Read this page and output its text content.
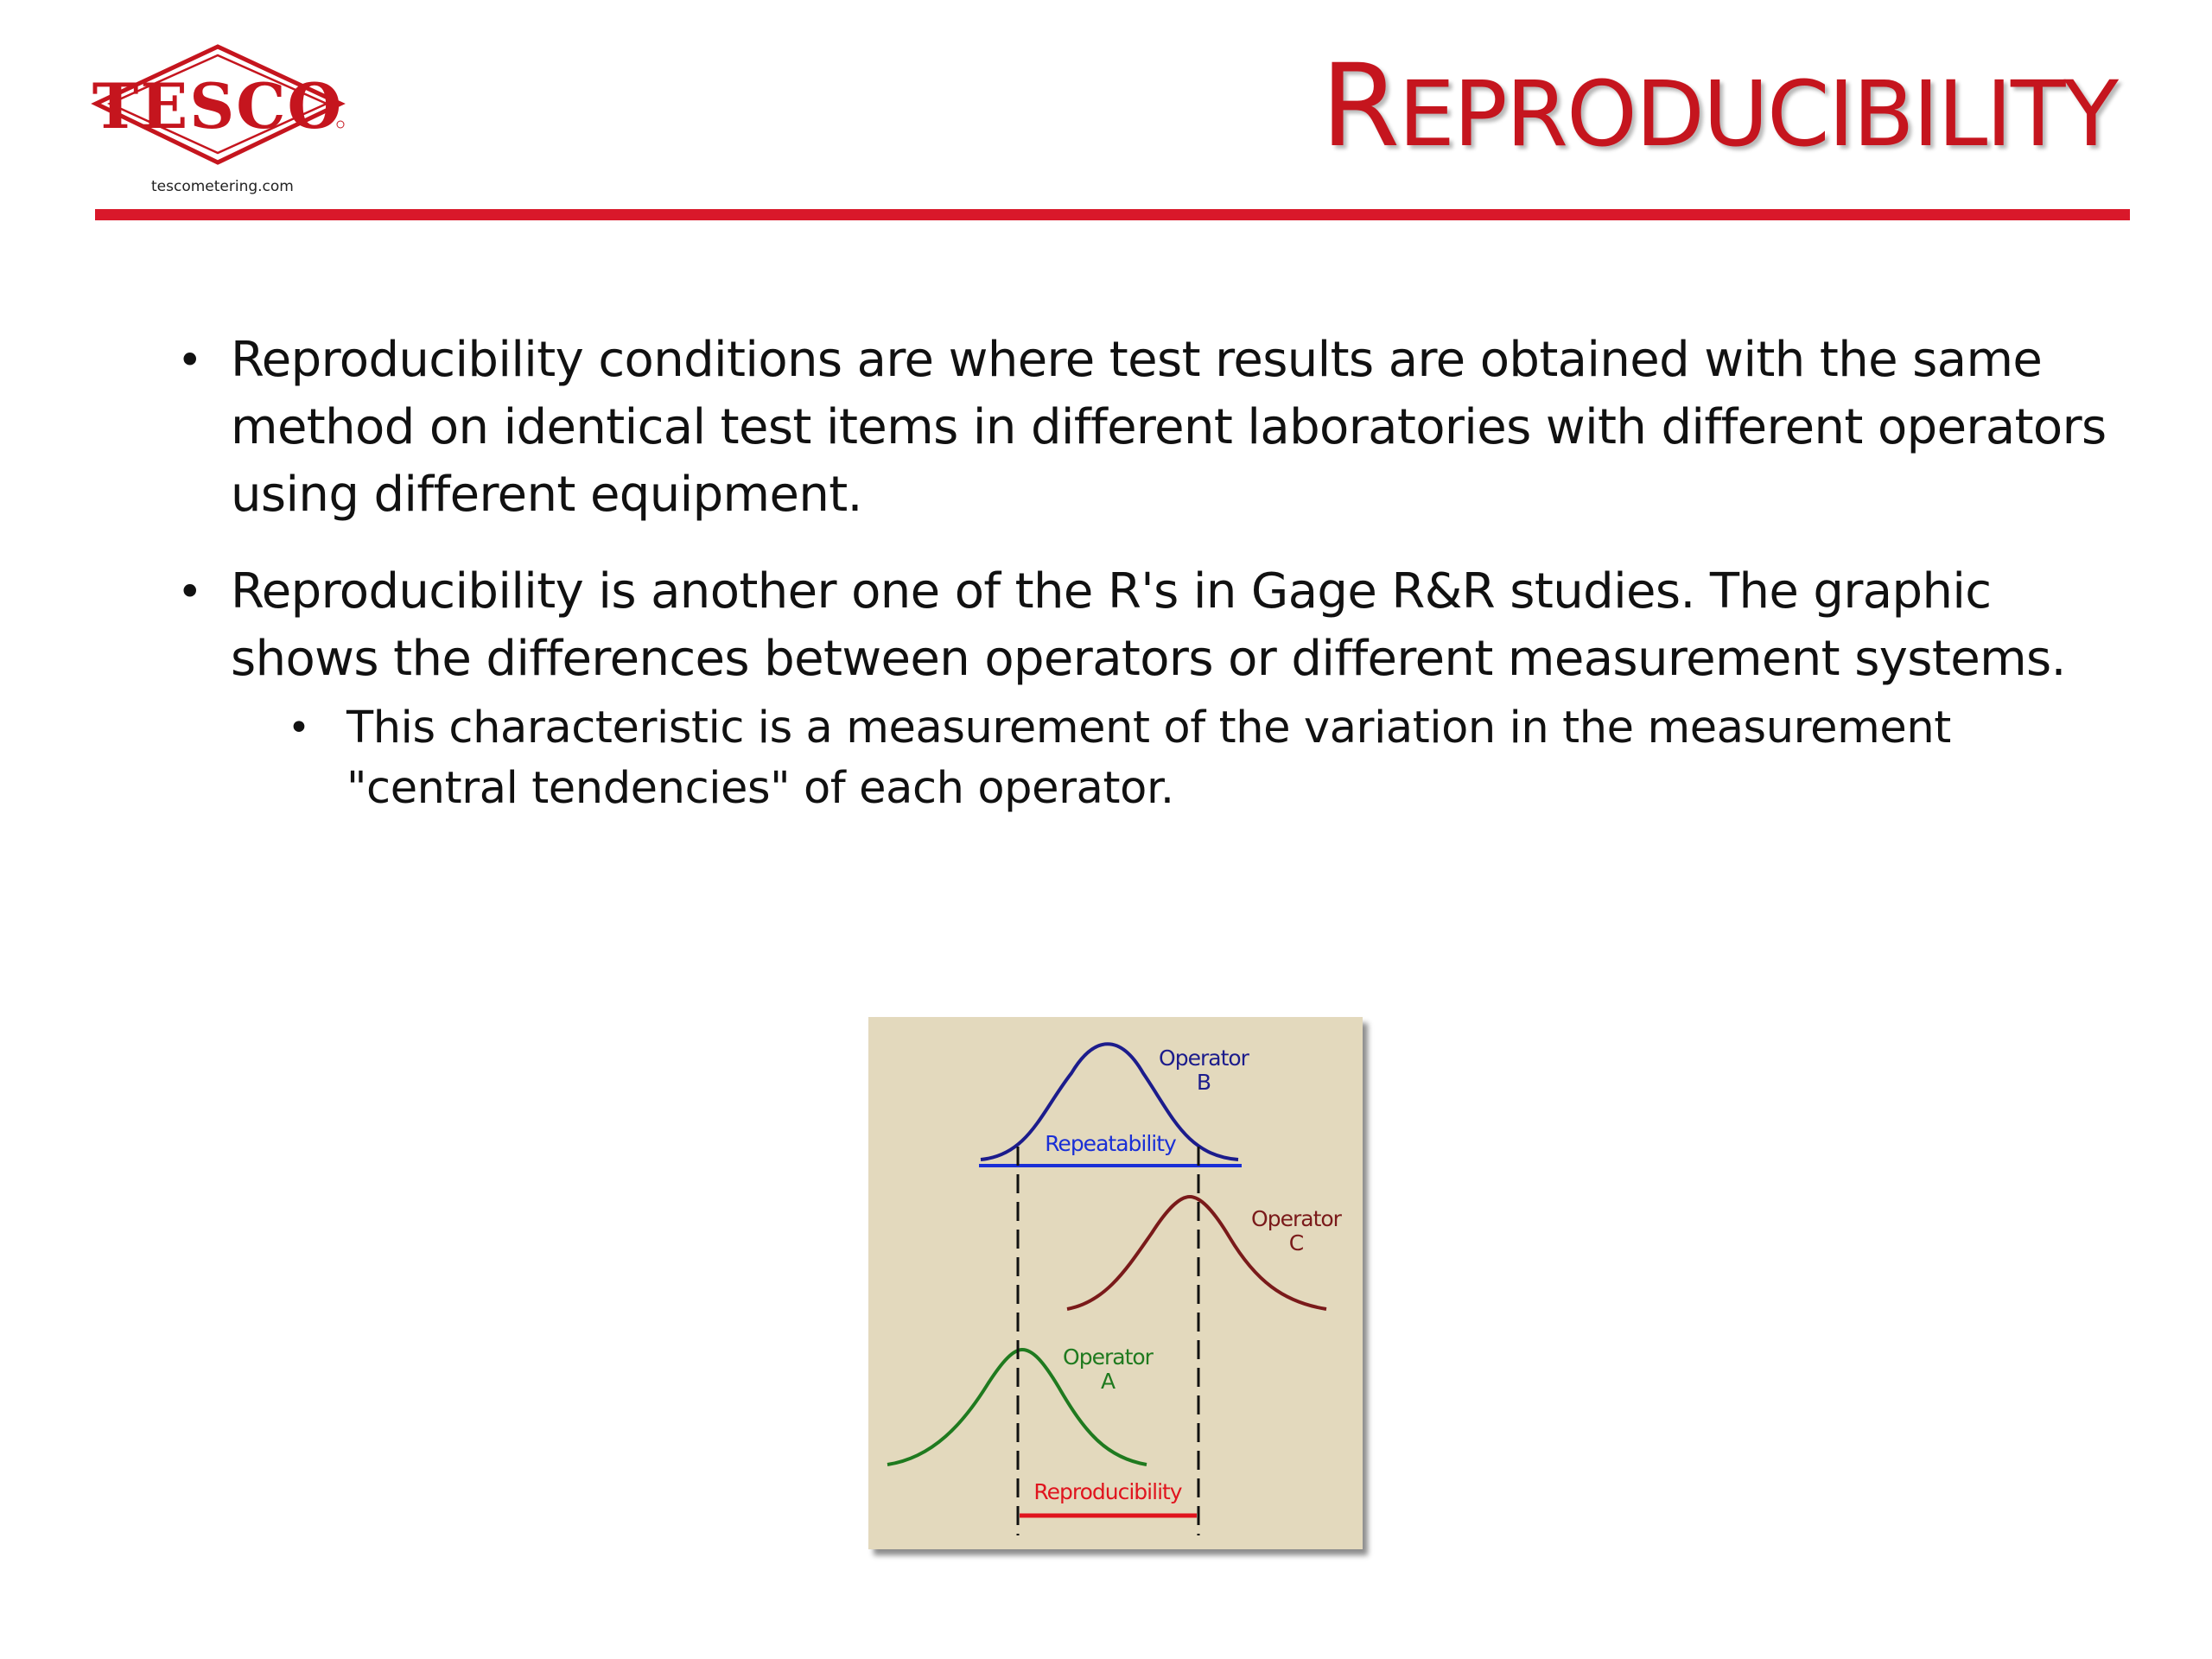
TESCO
tescometering.com
REPRODUCIBILITY
• Reproducibility conditions are where test results are obtained with the same method on identical test items in different laboratories with different operators using different equipment.
• Reproducibility is another one of the R's in Gage R&R studies. The graphic shows the differences between operators or different measurement systems.
• This characteristic is a measurement of the variation in the measurement "central tendencies" of each operator.
Operator
B
Repeatability
Operator
C
Operator
A
Reproducibility
